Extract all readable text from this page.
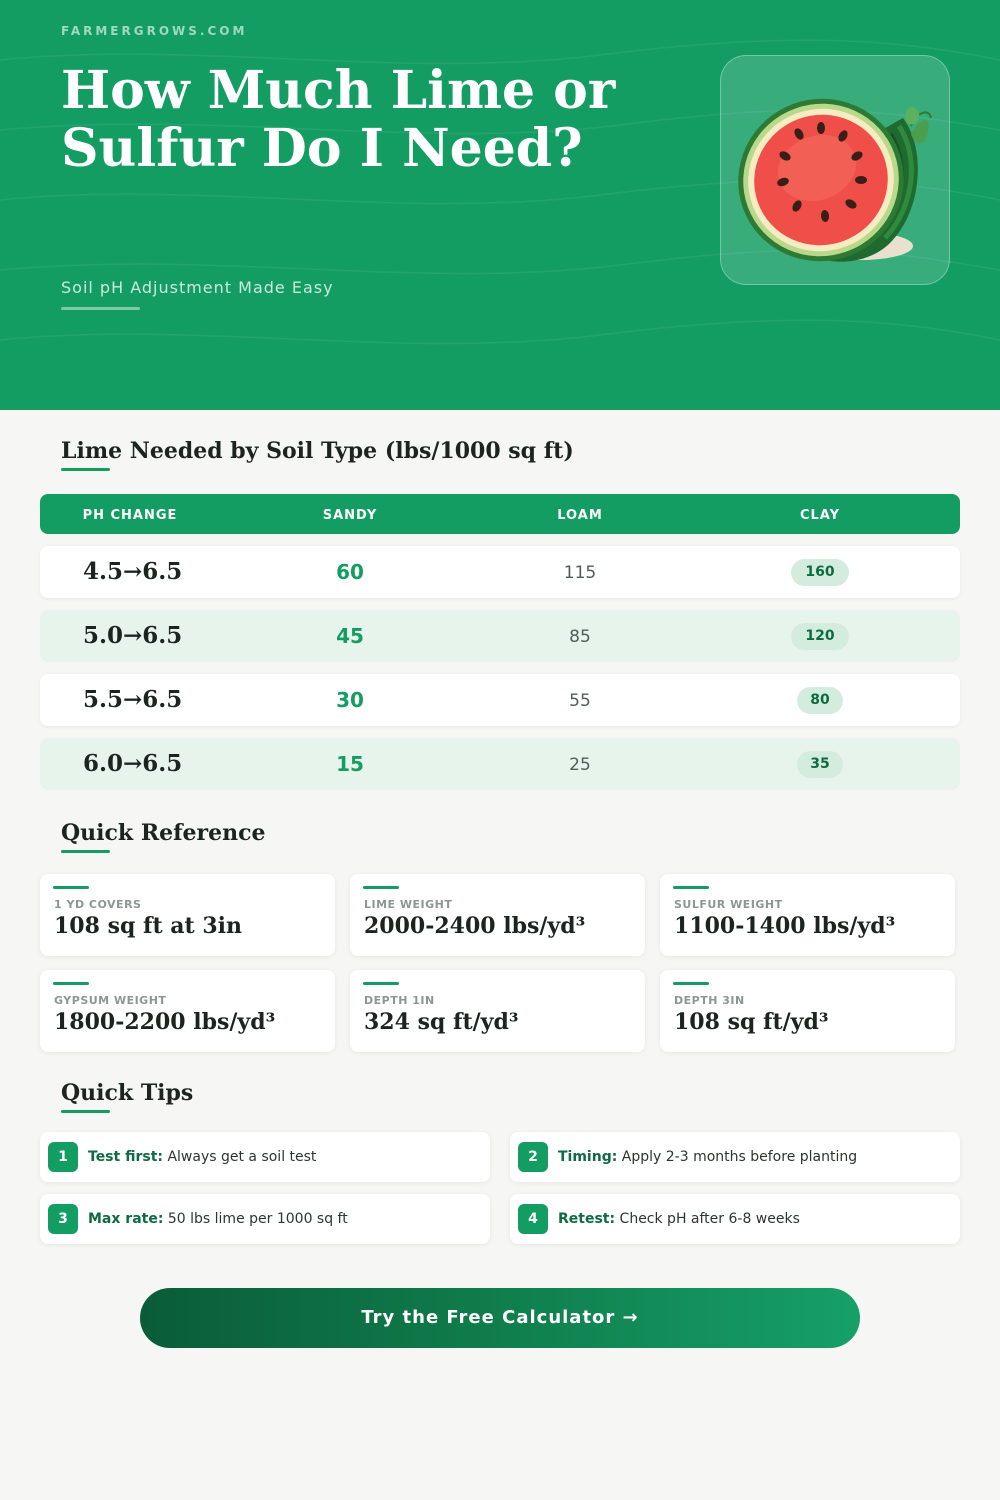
FARMERGROWS.COM
How Much Lime or Sulfur Do I Need?
Soil pH Adjustment Made Easy
Lime Needed by Soil Type (lbs/1000 sq ft)
PH CHANGE	SANDY	LOAM	CLAY
4.5→6.5	60	115	160
5.0→6.5	45	85	120
5.5→6.5	30	55	80
6.0→6.5	15	25	35
Quick Reference
1 YD COVERS
108 sq ft at 3in
LIME WEIGHT
2000-2400 lbs/yd³
SULFUR WEIGHT
1100-1400 lbs/yd³
GYPSUM WEIGHT
1800-2200 lbs/yd³
DEPTH 1IN
324 sq ft/yd³
DEPTH 3IN
108 sq ft/yd³
Quick Tips
1	Test first: Always get a soil test	2	Timing: Apply 2-3 months before planting
3	Max rate: 50 lbs lime per 1000 sq ft	4	Retest: Check pH after 6-8 weeks
Try the Free Calculator →
